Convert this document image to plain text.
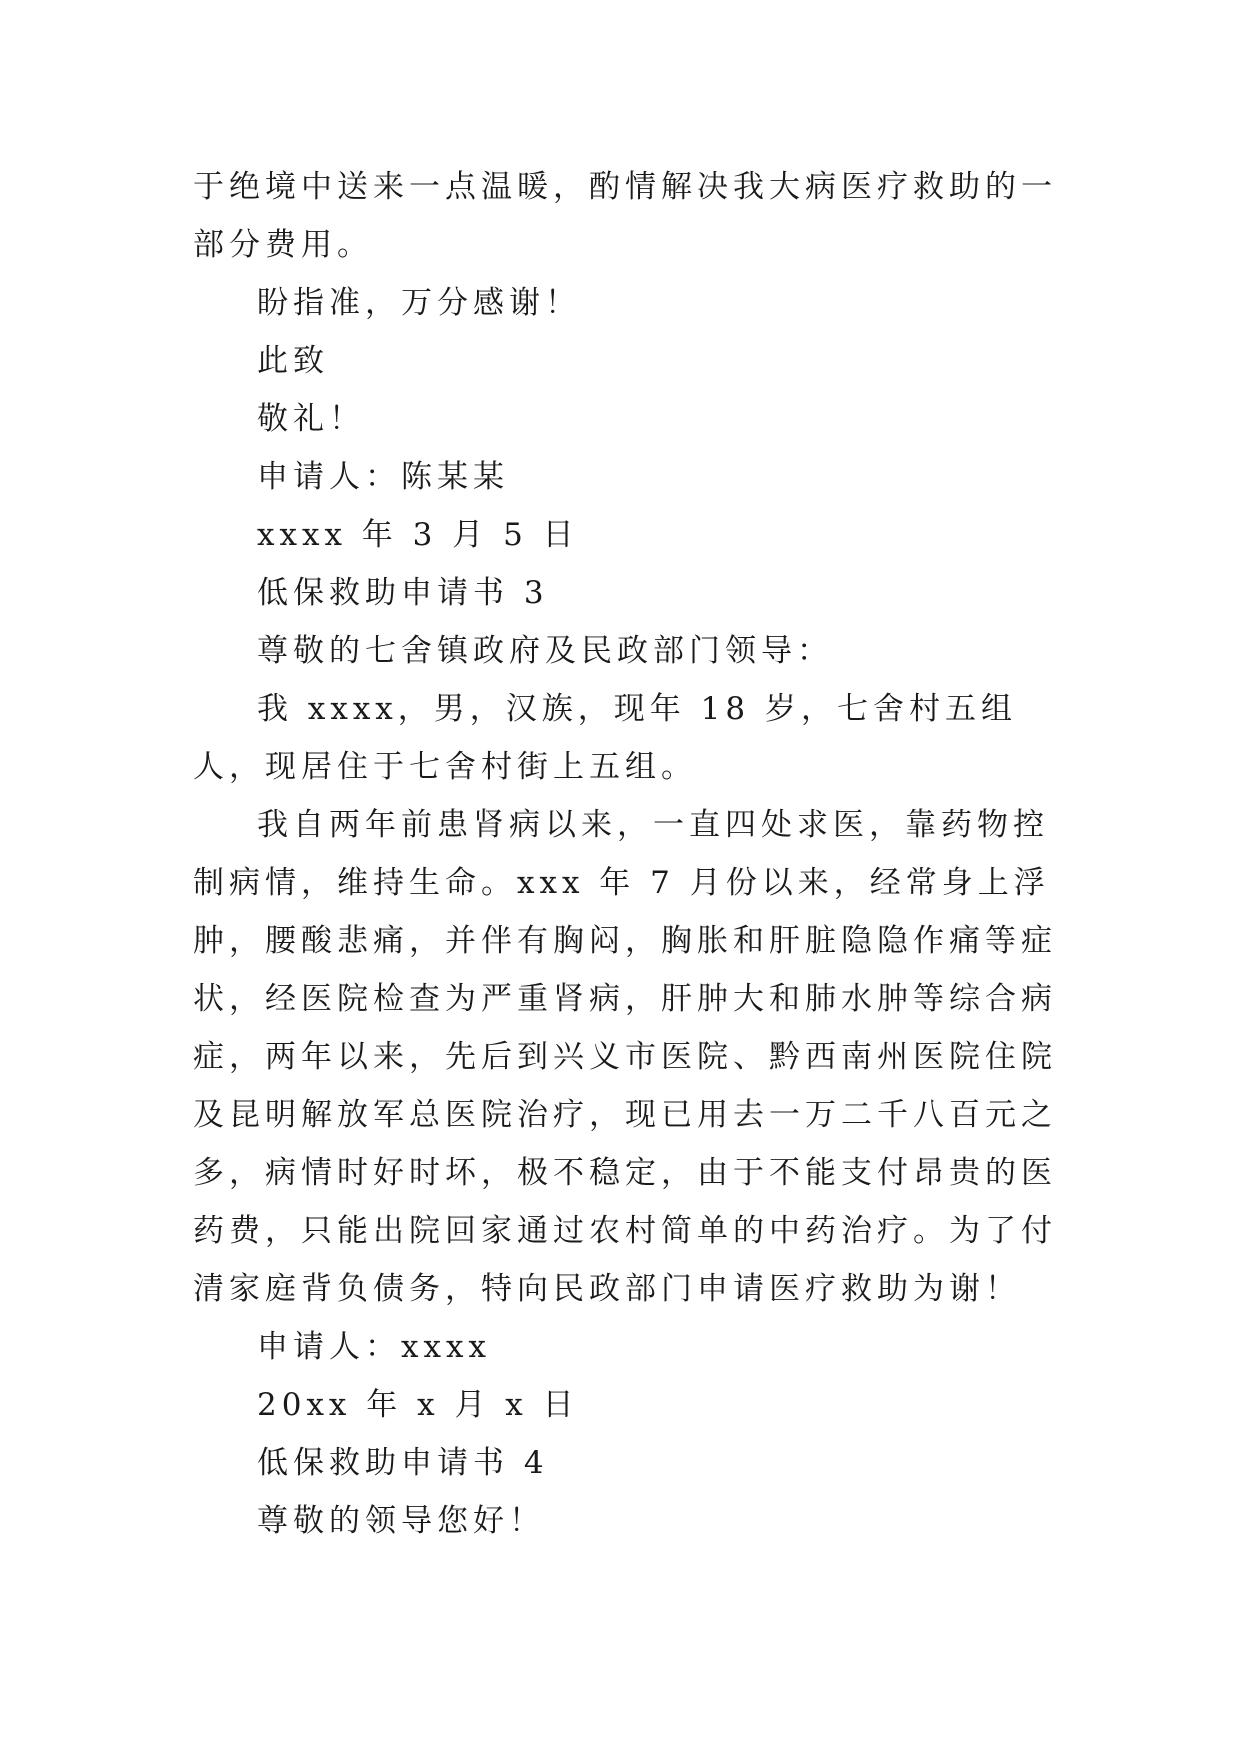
于绝境中送来一点温暖，酌情解决我大病医疗救助的一部分费用。

盼指准，万分感谢！

此致

敬礼！

申请人：陈某某

xxxx 年 3 月 5 日

低保救助申请书 3

尊敬的七舍镇政府及民政部门领导：

我 xxxx，男，汉族，现年 18 岁，七舍村五组人，现居住于七舍村街上五组。

我自两年前患肾病以来，一直四处求医，靠药物控制病情，维持生命。xxx 年 7 月份以来，经常身上浮肿，腰酸悲痛，并伴有胸闷，胸胀和肝脏隐隐作痛等症状，经医院检查为严重肾病，肝肿大和肺水肿等综合病症，两年以来，先后到兴义市医院、黔西南州医院住院及昆明解放军总医院治疗，现已用去一万二千八百元之多，病情时好时坏，极不稳定，由于不能支付昂贵的医药费，只能出院回家通过农村简单的中药治疗。为了付清家庭背负债务，特向民政部门申请医疗救助为谢！

申请人：xxxx

20xx 年 x 月 x 日

低保救助申请书 4

尊敬的领导您好！
